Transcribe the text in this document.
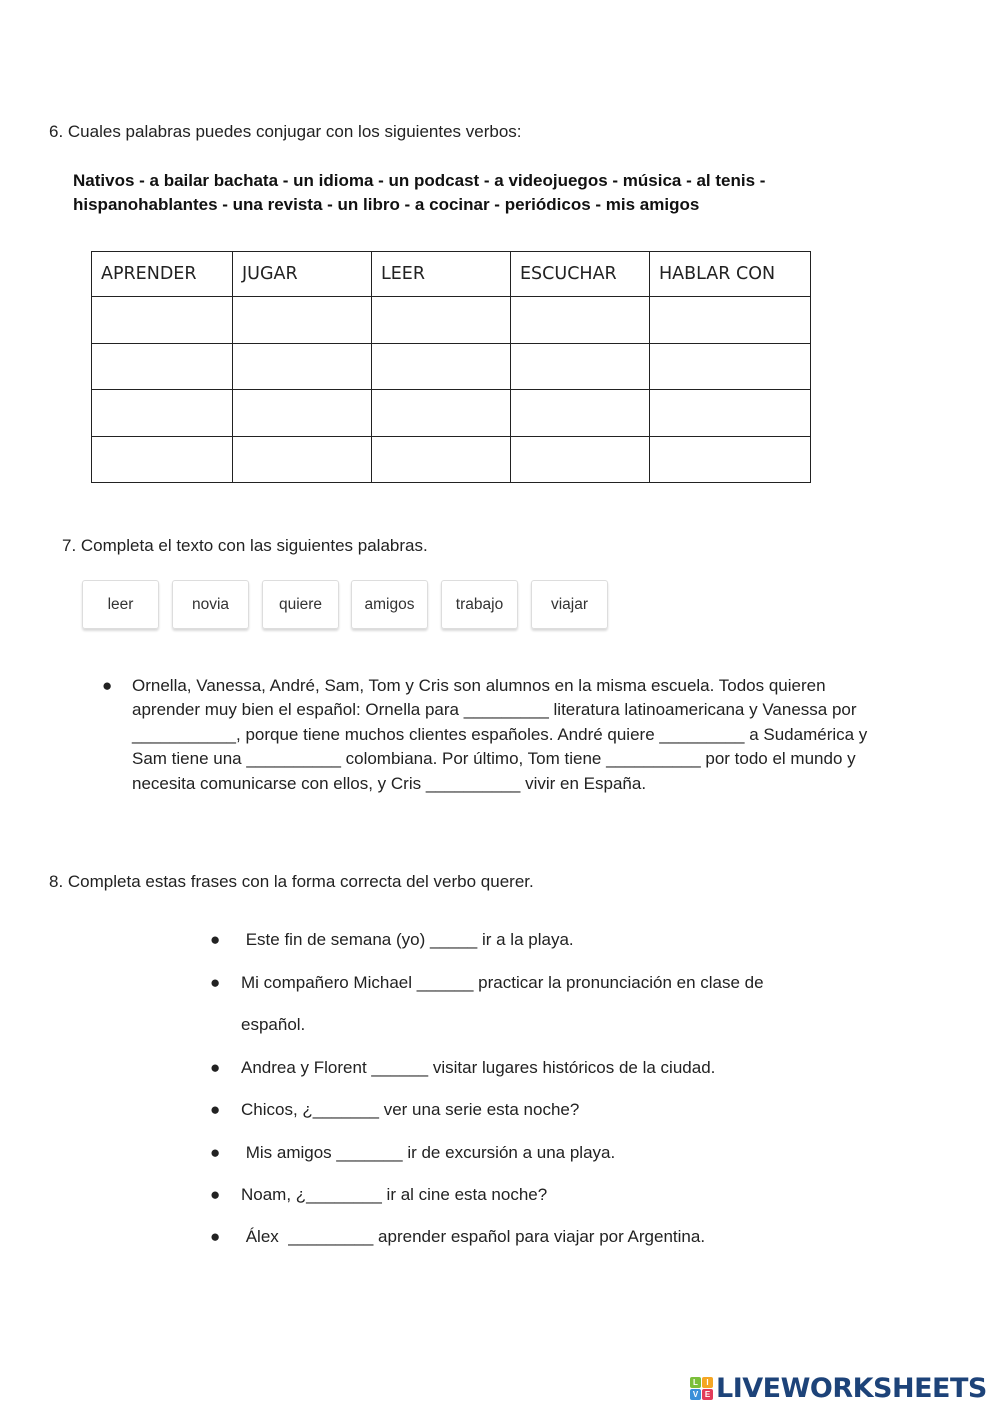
6. Cuales palabras puedes conjugar con los siguientes verbos:
Nativos - a bailar bachata - un idioma - un podcast - a videojuegos - música - al tenis -
hispanohablantes - una revista - un libro - a cocinar - periódicos - mis amigos
APRENDER	JUGAR	LEER	ESCUCHAR	HABLAR CON

7. Completa el texto con las siguientes palabras.
leer	novia	quiere	amigos	trabajo	viajar
● Ornella, Vanessa, André, Sam, Tom y Cris son alumnos en la misma escuela. Todos quieren aprender muy bien el español: Ornella para _________ literatura latinoamericana y Vanessa por ___________, porque tiene muchos clientes españoles. André quiere _________ a Sudamérica y Sam tiene una __________ colombiana. Por último, Tom tiene __________ por todo el mundo y necesita comunicarse con ellos, y Cris __________ vivir en España.
8. Completa estas frases con la forma correcta del verbo querer.
● Este fin de semana (yo) _____ ir a la playa.
● Mi compañero Michael ______ practicar la pronunciación en clase de
español.
● Andrea y Florent ______ visitar lugares históricos de la ciudad.
● Chicos, ¿_______ ver una serie esta noche?
● Mis amigos _______ ir de excursión a una playa.
● Noam, ¿________ ir al cine esta noche?
● Álex  _________ aprender español para viajar por Argentina.
L	I
V E LIVEWORKSHEETS
